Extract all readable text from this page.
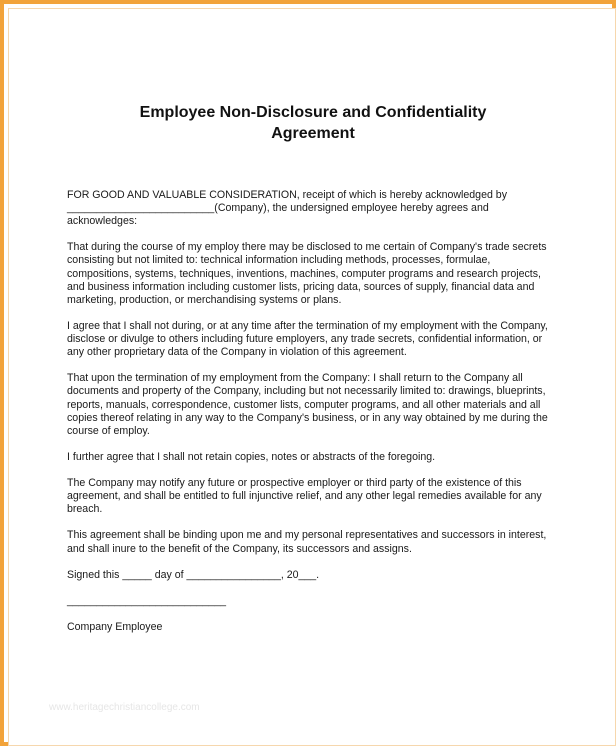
Employee Non-Disclosure and Confidentiality
Agreement

FOR GOOD AND VALUABLE CONSIDERATION, receipt of which is hereby acknowledged by _________________________(Company), the undersigned employee hereby agrees and acknowledges:

That during the course of my employ there may be disclosed to me certain of Company's trade secrets consisting but not limited to: technical information including methods, processes, formulae, compositions, systems, techniques, inventions, machines, computer programs and research projects, and business information including customer lists, pricing data, sources of supply, financial data and marketing, production, or merchandising systems or plans.

I agree that I shall not during, or at any time after the termination of my employment with the Company, disclose or divulge to others including future employers, any trade secrets, confidential information, or any other proprietary data of the Company in violation of this agreement.

That upon the termination of my employment from the Company: I shall return to the Company all documents and property of the Company, including but not necessarily limited to: drawings, blueprints, reports, manuals, correspondence, customer lists, computer programs, and all other materials and all copies thereof relating in any way to the Company's business, or in any way obtained by me during the course of employ.

I further agree that I shall not retain copies, notes or abstracts of the foregoing.

The Company may notify any future or prospective employer or third party of the existence of this agreement, and shall be entitled to full injunctive relief, and any other legal remedies available for any breach.

This agreement shall be binding upon me and my personal representatives and successors in interest, and shall inure to the benefit of the Company, its successors and assigns.

Signed this _____ day of ________________, 20___.

___________________________

Company Employee

www.heritagechristiancollege.com
